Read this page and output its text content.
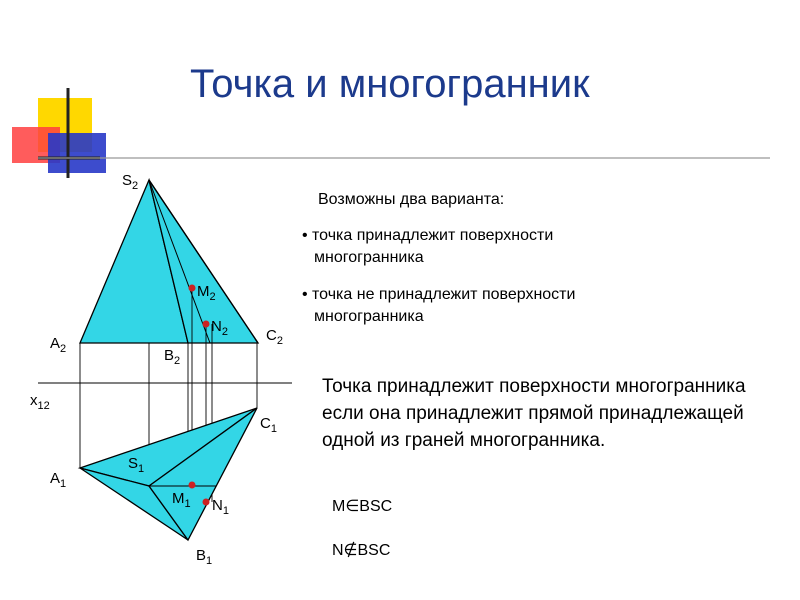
$S_2$
$M_2$
$N_2$
$A_2$	$B_2$
$C_2$
$x_{12}$
$C_1$
$S_1$
$A_1$
$M_1$ $N_1$
$B_1$
Точка и многогранник
Возможны два варианта:
• точка принадлежит поверхности
многогранника
• точка не принадлежит поверхности
многогранника
Точка принадлежит поверхности многогранника если она принадлежит прямой принадлежащей одной из граней многогранника.
M∈BSC
N∉BSC
